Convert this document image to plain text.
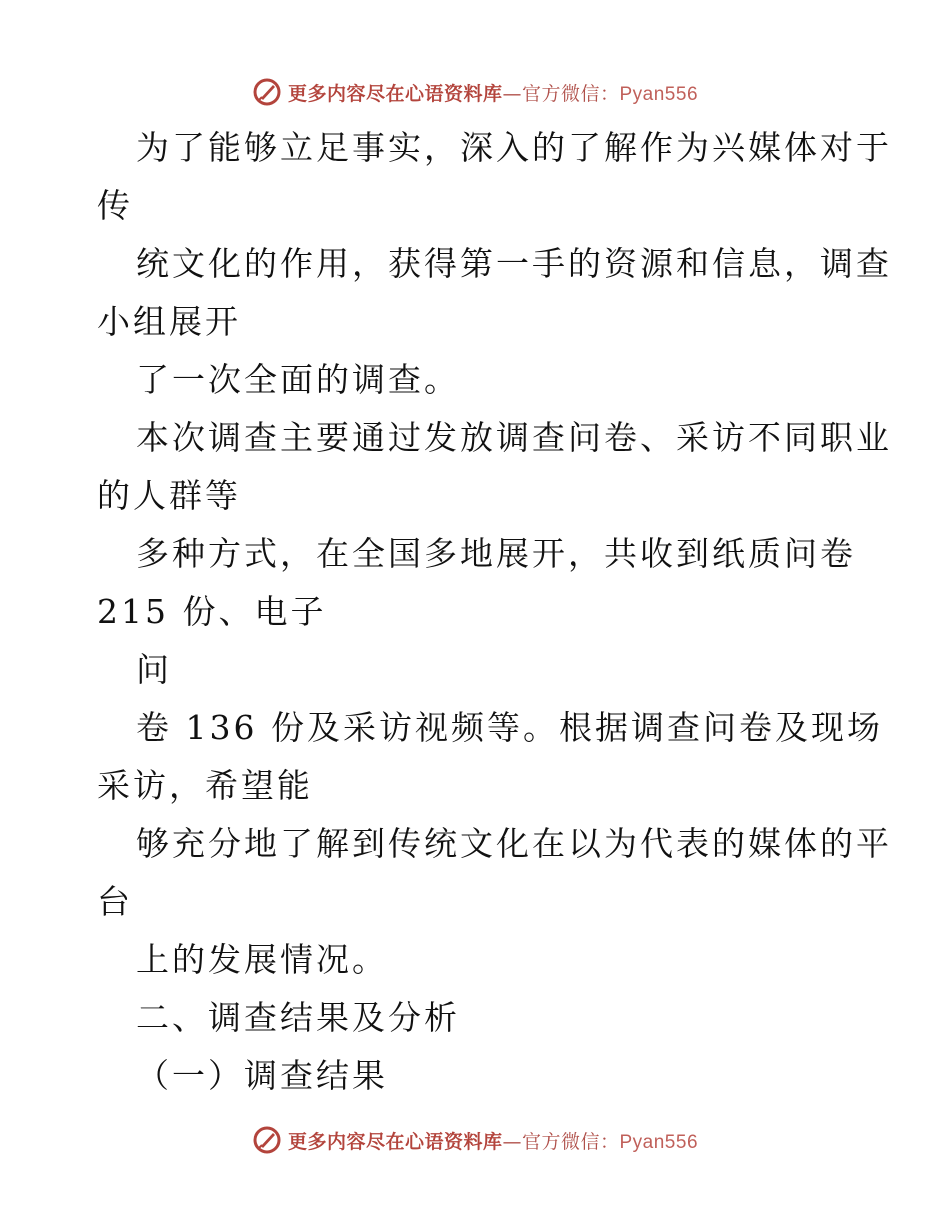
更多内容尽在心语资料库—官方微信：Pyan556
为了能够立足事实，深入的了解作为兴媒体对于
传
统文化的作用，获得第一手的资源和信息，调查
小组展开
了一次全面的调查。
本次调查主要通过发放调查问卷、采访不同职业
的人群等
多种方式，在全国多地展开，共收到纸质问卷
215 份、电子
问
卷 136 份及采访视频等。根据调查问卷及现场
采访，希望能
够充分地了解到传统文化在以为代表的媒体的平
台
上的发展情况。
二、调查结果及分析
（一）调查结果
更多内容尽在心语资料库—官方微信：Pyan556
